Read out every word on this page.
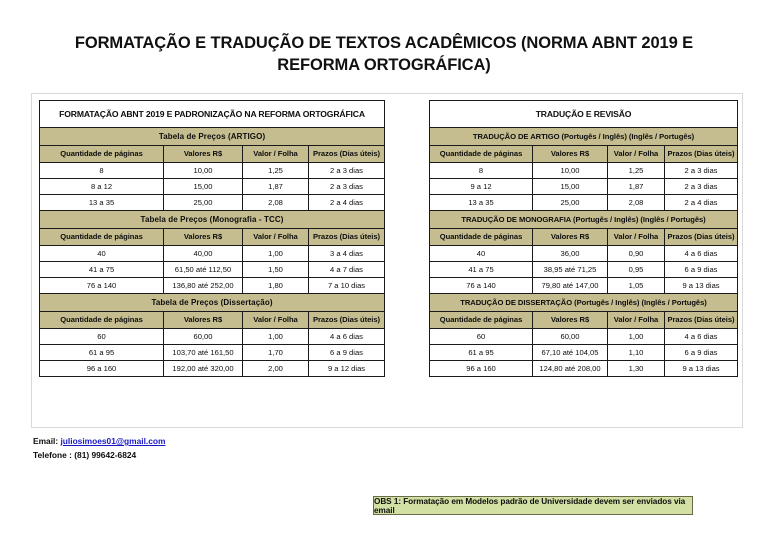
FORMATAÇÃO E TRADUÇÃO DE TEXTOS ACADÊMICOS (NORMA ABNT 2019 E REFORMA ORTOGRÁFICA)
FORMATAÇÃO ABNT 2019 E PADRONIZAÇÃO NA REFORMA ORTOGRÁFICA			
Tabela de Preços (ARTIGO)			
Quantidade de páginas	Valores R$	Valor / Folha	Prazos (Dias úteis)
8	10,00	1,25	2 a 3 dias
8 a 12	15,00	1,87	2 a 3 dias
13 a 35	25,00	2,08	2 a 4 dias
Tabela de Preços (Monografia - TCC)			
Quantidade de páginas	Valores R$	Valor / Folha	Prazos (Dias úteis)
40	40,00	1,00	3 a 4 dias
41 a 75	61,50 até 112,50	1,50	4 a 7 dias
76 a 140	136,80 até 252,00	1,80	7 a 10 dias
Tabela de Preços (Dissertação)			
Quantidade de páginas	Valores R$	Valor / Folha	Prazos (Dias úteis)
60	60,00	1,00	4 a 6 dias
61 a 95	103,70 até 161,50	1,70	6 a 9 dias
96 a 160	192,00 até 320,00	2,00	9 a 12 dias
TRADUÇÃO E REVISÃO			
TRADUÇÃO DE ARTIGO (Portugês / Inglês) (Inglês / Portugês)			
Quantidade de páginas	Valores R$	Valor / Folha	Prazos (Dias úteis)
8	10,00	1,25	2 a 3 dias
9 a 12	15,00	1,87	2 a 3 dias
13 a 35	25,00	2,08	2 a 4 dias
TRADUÇÃO DE MONOGRAFIA (Portugês / Inglês) (Inglês / Portugês)			
Quantidade de páginas	Valores R$	Valor / Folha	Prazos (Dias úteis)
40	36,00	0,90	4 a 6 dias
41 a 75	38,95 até 71,25	0,95	6 a 9 dias
76 a 140	79,80 até 147,00	1,05	9 a 13 dias
TRADUÇÃO DE DISSERTAÇÃO (Portugês / Inglês) (Inglês / Portugês)			
Quantidade de páginas	Valores R$	Valor / Folha	Prazos (Dias úteis)
60	60,00	1,00	4 a 6 dias
61 a 95	67,10 até 104,05	1,10	6 a 9 dias
96 a 160	124,80 até 208,00	1,30	9 a 13 dias
OBS 1: Formatação em Modelos padrão de Universidade devem ser enviados via email
Email: juliosimoes01@gmail.com
Telefone : (81) 99642-6824
